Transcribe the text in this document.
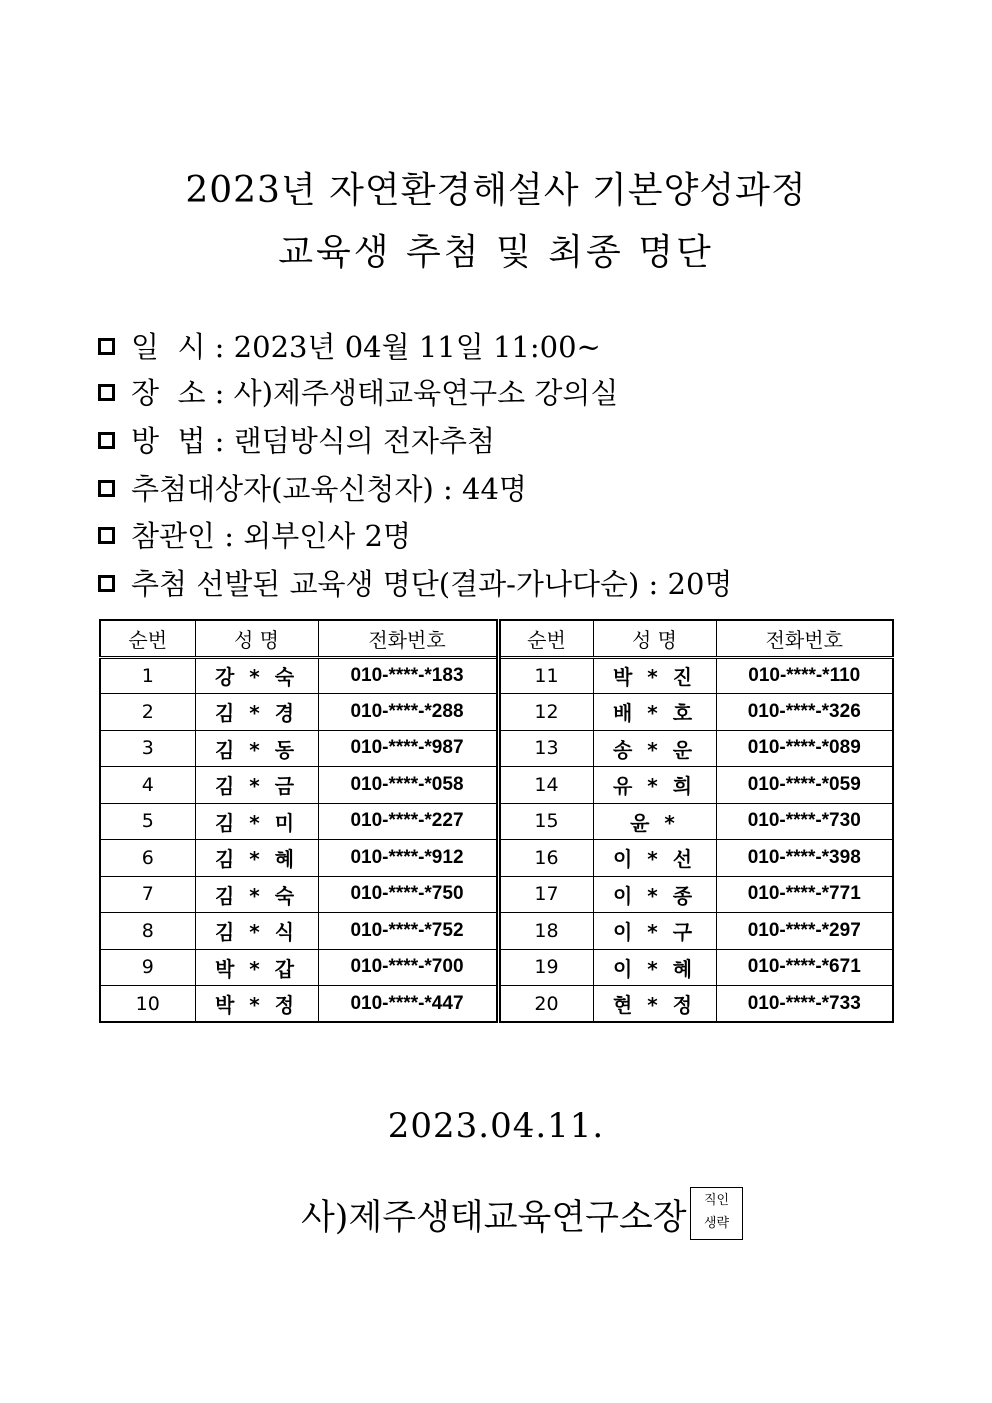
2023년 자연환경해설사 기본양성과정
교육생 추첨 및 최종 명단
일  시 : 2023년 04월 11일 11:00~
장  소 : 사)제주생태교육연구소 강의실
방  법 : 랜덤방식의 전자추첨
추첨대상자(교육신청자) : 44명
참관인 : 외부인사 2명
추첨 선발된 교육생 명단(결과-가나다순) : 20명
순번	성 명	전화번호	순번	성 명	전화번호
1	강 * 숙	010-****-*183	11	박 * 진	010-****-*110
2	김 * 경	010-****-*288	12	배 * 호	010-****-*326
3	김 * 동	010-****-*987	13	송 * 운	010-****-*089
4	김 * 금	010-****-*058	14	유 * 희	010-****-*059
5	김 * 미	010-****-*227	15	윤 *	010-****-*730
6	김 * 혜	010-****-*912	16	이 * 선	010-****-*398
7	김 * 숙	010-****-*750	17	이 * 종	010-****-*771
8	김 * 식	010-****-*752	18	이 * 구	010-****-*297
9	박 * 갑	010-****-*700	19	이 * 혜	010-****-*671
10	박 * 정	010-****-*447	20	현 * 정	010-****-*733
2023.04.11.
사)제주생태교육연구소장	직인
생략
